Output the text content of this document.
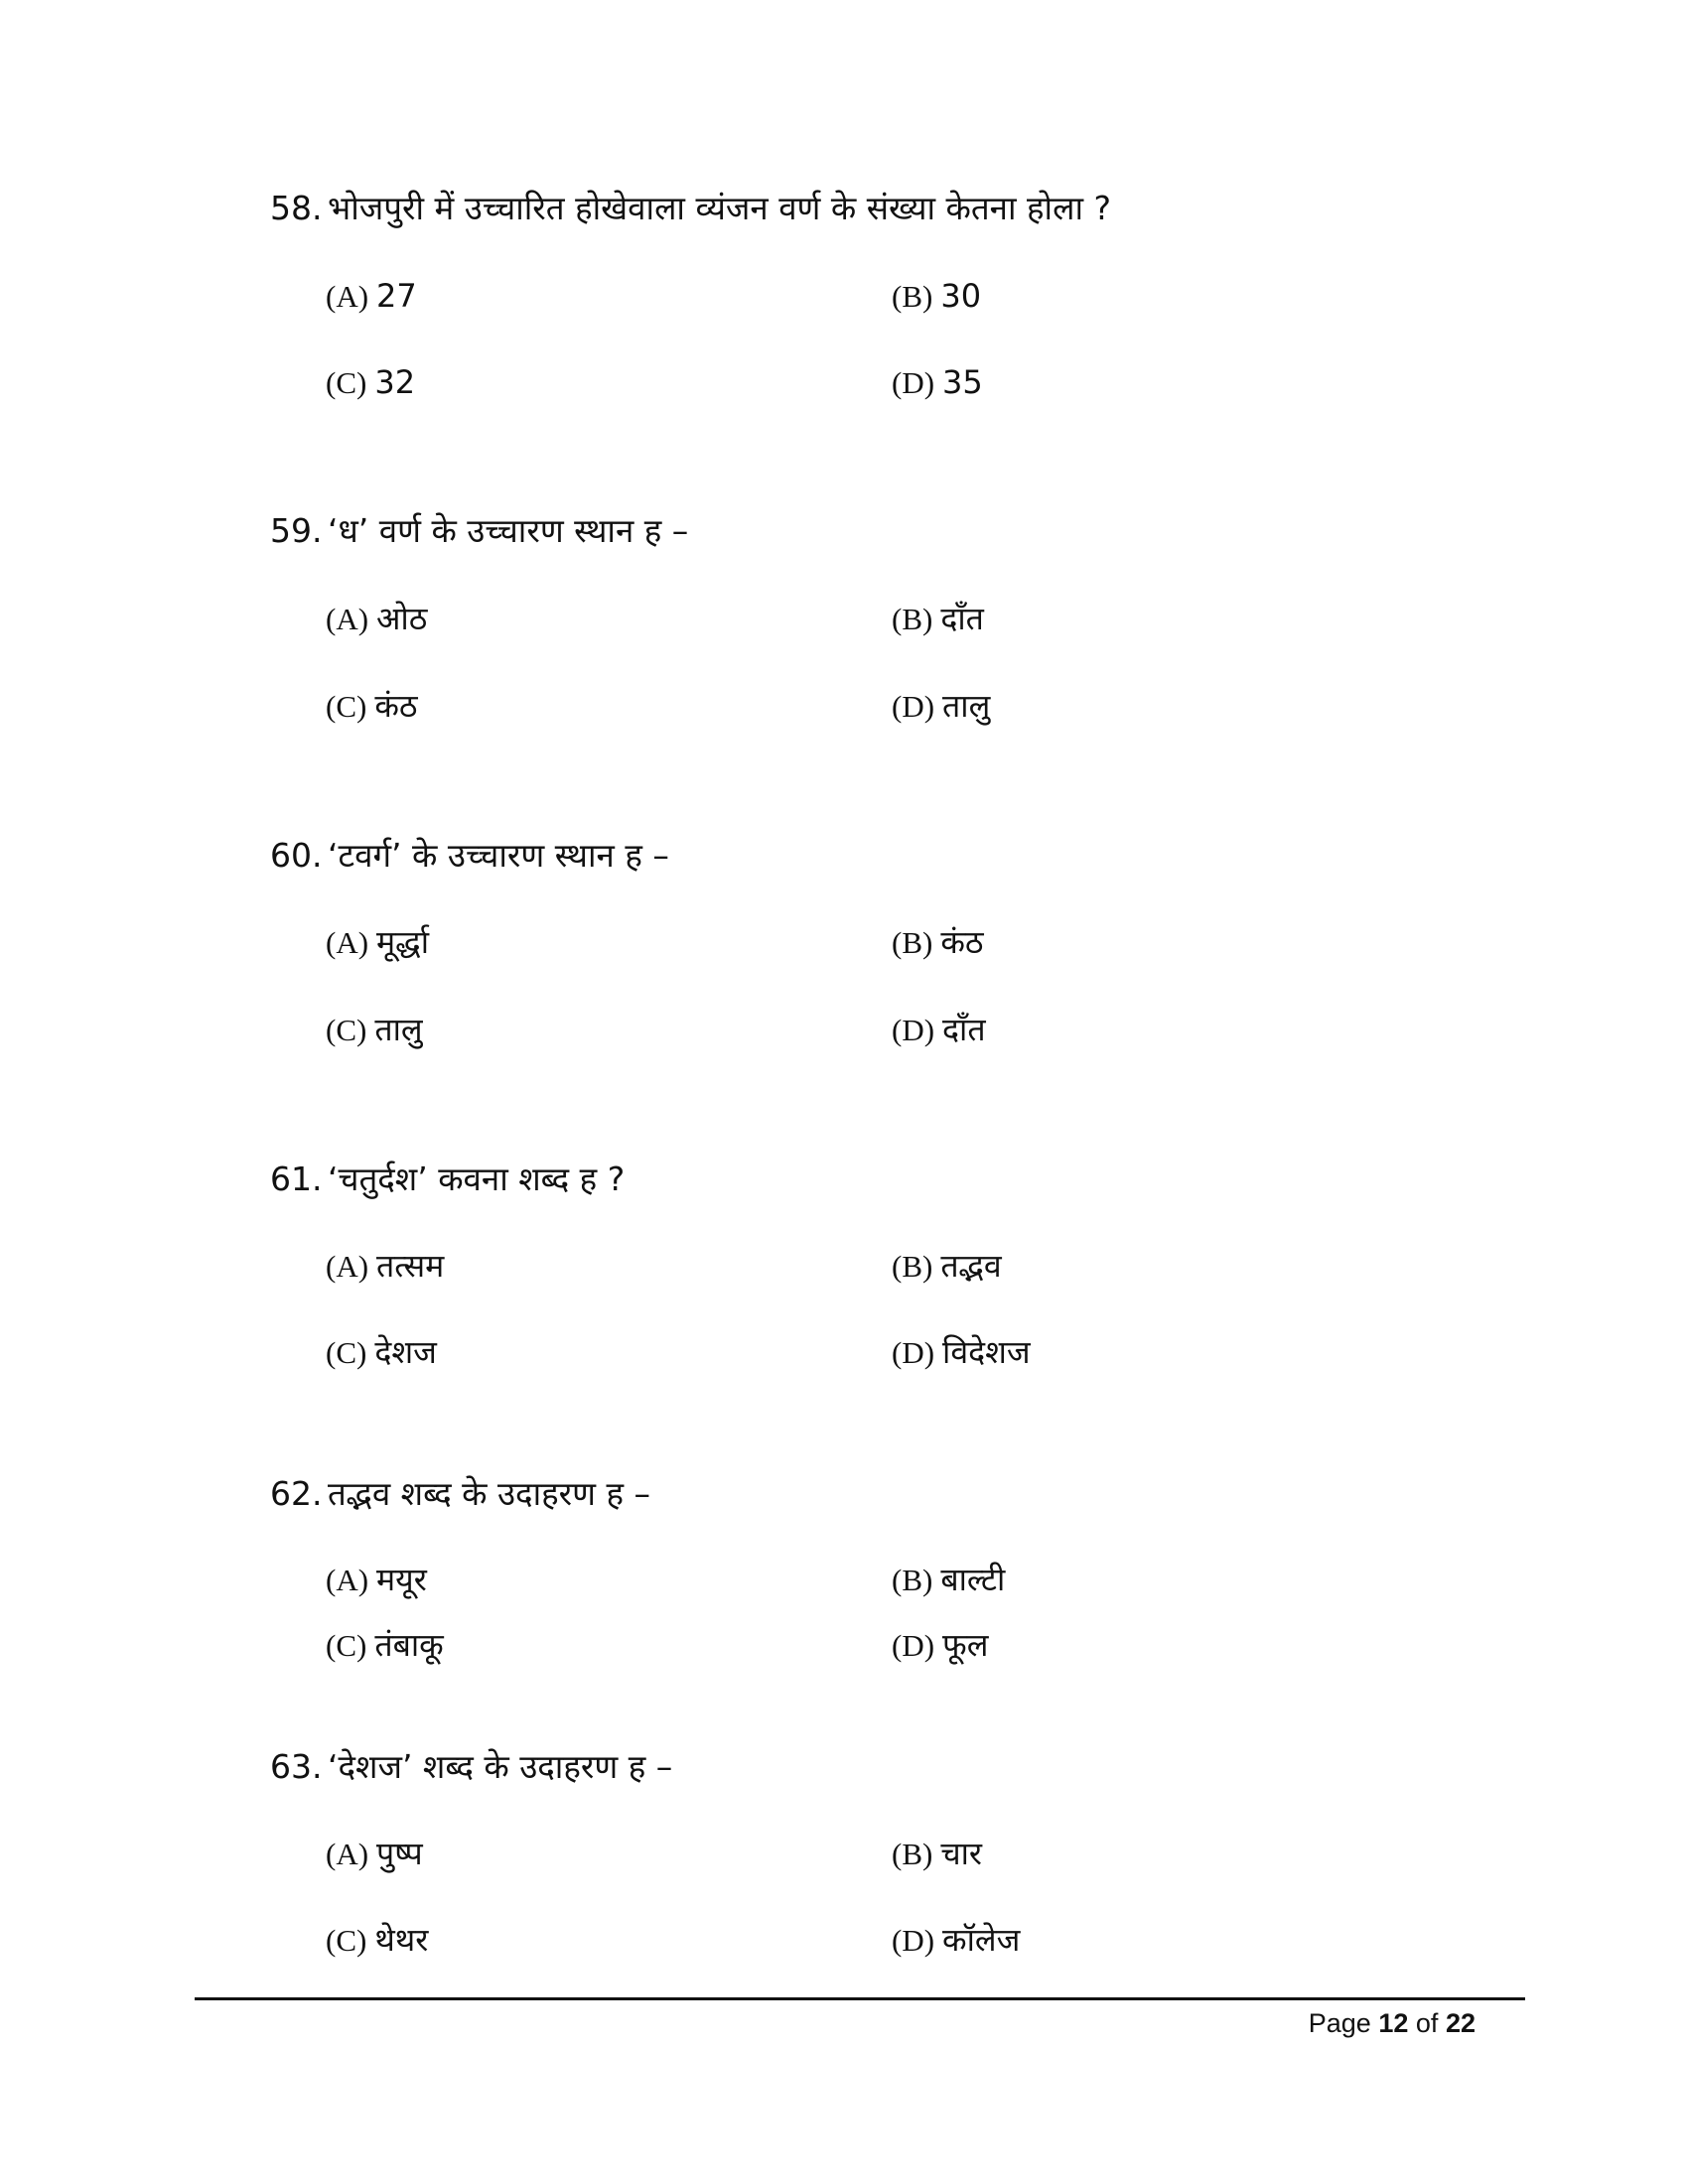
58. भोजपुरी में उच्चारित होखेवाला व्यंजन वर्ण के संख्या केतना होला ?
(A) 27	(B) 30
(C) 32	(D) 35
59. ‘ध’ वर्ण के उच्चारण स्थान ह –
(A) ओठ	(B) दाँत
(C) कंठ	(D) तालु
60. ‘टवर्ग’ के उच्चारण स्थान ह –
(A) मूर्द्धा	(B) कंठ
(C) तालु	(D) दाँत
61. ‘चतुर्दश’ कवना शब्द ह ?
(A) तत्सम	(B) तद्भव
(C) देशज	(D) विदेशज
62. तद्भव शब्द के उदाहरण ह –
(A) मयूर	(B) बाल्टी
(C) तंबाकू	(D) फूल
63. ‘देशज’ शब्द के उदाहरण ह –
(A) पुष्प	(B) चार
(C) थेथर	(D) कॉलेज
Page 12 of 22
